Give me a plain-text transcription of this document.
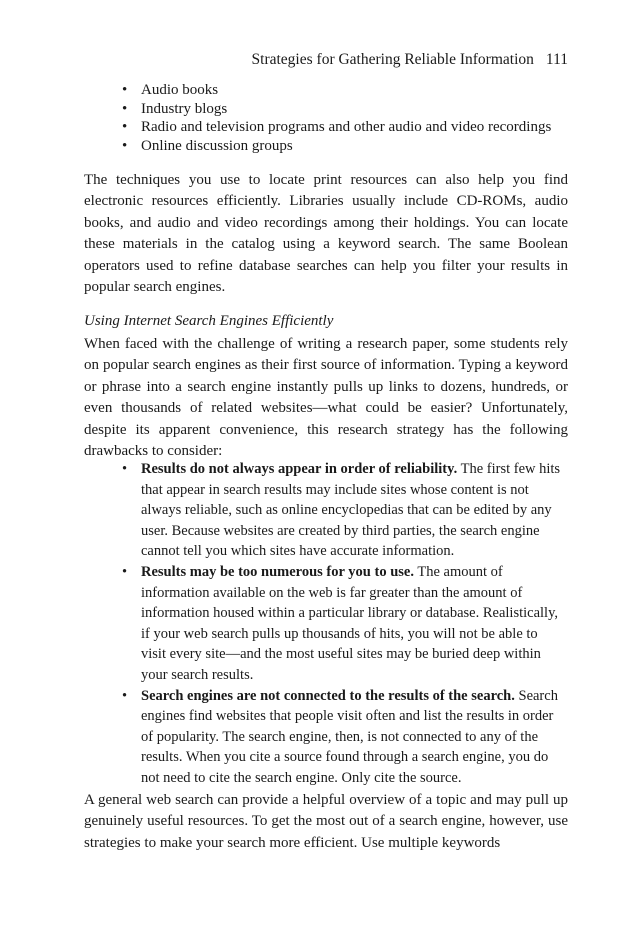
Strategies for Gathering Reliable Information 111
• Audio books
• Industry blogs
• Radio and television programs and other audio and video recordings
• Online discussion groups

The techniques you use to locate print resources can also help you find electronic resources efficiently. Libraries usually include CD-ROMs, audio books, and audio and video recordings among their holdings. You can locate these materials in the catalog using a keyword search. The same Boolean operators used to refine database searches can help you filter your results in popular search engines.

Using Internet Search Engines Efficiently

When faced with the challenge of writing a research paper, some students rely on popular search engines as their first source of information. Typing a keyword or phrase into a search engine instantly pulls up links to dozens, hundreds, or even thousands of related websites—what could be easier? Unfortunately, despite its apparent convenience, this research strategy has the following drawbacks to consider:

• Results do not always appear in order of reliability. The first few hits that appear in search results may include sites whose content is not always reliable, such as online encyclopedias that can be edited by any user. Because websites are created by third parties, the search engine cannot tell you which sites have accurate information.
• Results may be too numerous for you to use. The amount of information available on the web is far greater than the amount of information housed within a particular library or database. Realistically, if your web search pulls up thousands of hits, you will not be able to visit every site—and the most useful sites may be buried deep within your search results.
• Search engines are not connected to the results of the search. Search engines find websites that people visit often and list the results in order of popularity. The search engine, then, is not connected to any of the results. When you cite a source found through a search engine, you do not need to cite the search engine. Only cite the source.

A general web search can provide a helpful overview of a topic and may pull up genuinely useful resources. To get the most out of a search engine, however, use strategies to make your search more efficient. Use multiple keywords
